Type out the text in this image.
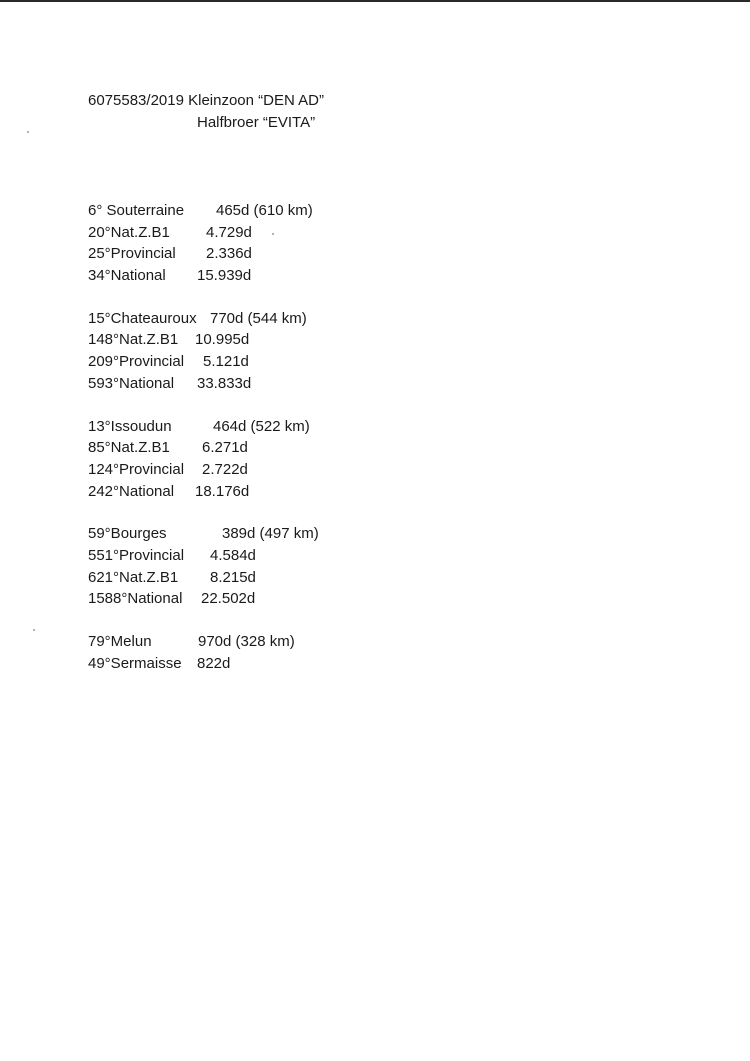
6075583/2019 Kleinzoon “DEN AD”
Halfbroer “EVITA”
6° Souterraine 465d (610 km)
20°Nat.Z.B1 4.729d
25°Provincial 2.336d
34°National 15.939d
15°Chateauroux 770d (544 km)
148°Nat.Z.B1 10.995d
209°Provincial 5.121d
593°National 33.833d
13°Issoudun	464d (522 km)
85°Nat.Z.B1 6.271d
124°Provincial 2.722d
242°National 18.176d
59°Bourges	389d (497 km)
551°Provincial 4.584d
621°Nat.Z.B1 8.215d
1588°National 22.502d
79°Melun	970d (328 km)
49°Sermaisse 822d
